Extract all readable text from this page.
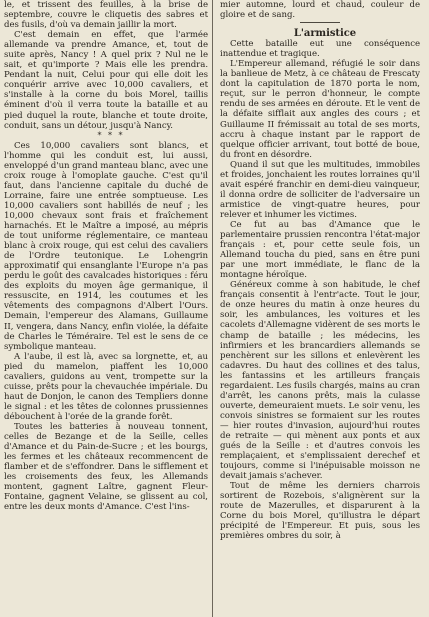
le, et trissent des feuilles, à la brise de septembre, couvre le cliquetis des sabres et des fusils, d'où va demain jaillir la mort.

C'est demain en effet, que l'armée allemande va prendre Amance, et, tout de suite après, Nancy ! A quel prix ? Nul ne le sait, et qu'importe ? Mais elle les prendra. Pendant la nuit, Celui pour qui elle doit les conquérir arrive avec 10,000 cavaliers, et s'installe à la corne du bois Morel, taillis éminent d'où il verra toute la bataille et au pied duquel la route, blanche et toute droite, conduit, sans un détour, jusqu'à Nancy.

* * *

Ces 10,000 cavaliers sont blancs, et l'homme qui les conduit est, lui aussi, enveloppé d'un grand manteau blanc, avec une croix rouge à l'omoplate gauche. C'est qu'il faut, dans l'ancienne capitale du duché de Lorraine, faire une entrée somptueuse. Les 10,000 cavaliers sont habillés de neuf ; les 10,000 chevaux sont frais et fraîchement harnachés. Et le Maître a imposé, au mépris de tout uniforme réglementaire, ce manteau blanc à croix rouge, qui est celui des cavaliers de l'Ordre teutonique. Le Lohengrin approximatif qui ensanglante l'Europe n'a pas perdu le goût des cavalcades historiques : féru des exploits du moyen âge germanique, il ressuscite, en 1914, les coutumes et les vêtements des compagnons d'Albert l'Ours. Demain, l'empereur des Alamans, Guillaume II, vengera, dans Nancy, enfin violée, la défaite de Charles le Téméraire. Tel est le sens de ce symbolique manteau.

A l'aube, il est là, avec sa lorgnette, et, au pied du mamelon, piaffent les 10,000 cavaliers, guidons au vent, trompette sur la cuisse, prêts pour la chevauchée impériale. Du haut de Donjon, le canon des Templiers donne le signal : et les têtes de colonnes prussiennes débouchent à l'orée de la grande forêt.

Toutes les batteries à nouveau tonnent, celles de Bezange et de la Seille, celles d'Amance et du Pain-de-Sucre ; et les bourgs, les fermes et les châteaux recommencent de flamber et de s'effondrer. Dans le sifflement et les croisements des feux, les Allemands montent, gagnent Laître, gagnent Fleur-Fontaine, gagnent Velaine, se glissent au col, entre les deux monts d'Amance. C'est l'ins-

mier automne, lourd et chaud, couleur de gloire et de sang.

L'armistice

Cette bataille eut une conséquence inattendue et tragique.

L'Empereur allemand, réfugié le soir dans la banlieue de Metz, à ce château de Frescaty dont la capitulation de 1870 porta le nom, reçut, sur le perron d'honneur, le compte rendu de ses armées en déroute. Et le vent de la défaite sifflait aux angles des cours ; et Guillaume II frémissait au total de ses morts, accru à chaque instant par le rapport de quelque officier arrivant, tout botté de boue, du front en désordre.

Quand il sut que les multitudes, immobiles et froides, jonchaient les routes lorraines qu'il avait espéré franchir en demi-dieu vainqueur, il donna ordre de solliciter de l'adversaire un armistice de vingt-quatre heures, pour relever et inhumer les victimes.

Ce fut au bas d'Amance que le parlementaire prussien rencontra l'état-major français : et, pour cette seule fois, un Allemand toucha du pied, sans en être puni par une mort immédiate, le flanc de la montagne héroïque.

Généreux comme à son habitude, le chef français consentit à l'entr'acte. Tout le jour, de onze heures du matin à onze heures du soir, les ambulances, les voitures et les cacolets d'Allemagne vidèrent de ses morts le champ de bataille ; les médecins, les infirmiers et les brancardiers allemands se penchèrent sur les sillons et enlevèrent les cadavres. Du haut des collines et des talus, les fantassins et les artilleurs français regardaient. Les fusils chargés, mains au cran d'arrêt, les canons prêts, mais la culasse ouverte, demeuraient muets. Le soir venu, les convois sinistres se formaient sur les routes — hier routes d'invasion, aujourd'hui routes de retraite — qui mènent aux ponts et aux gués de la Seille : et d'autres convois les remplaçaient, et s'emplissaient derechef et toujours, comme si l'inépuisable moisson ne devait jamais s'achever.

Tout de même les derniers charrois sortirent de Rozebois, s'alignèrent sur la route de Mazerulles, et disparurent à la Corne du bois Morel, qu'illustra le départ précipité de l'Empereur. Et puis, sous les premières ombres du soir, à
